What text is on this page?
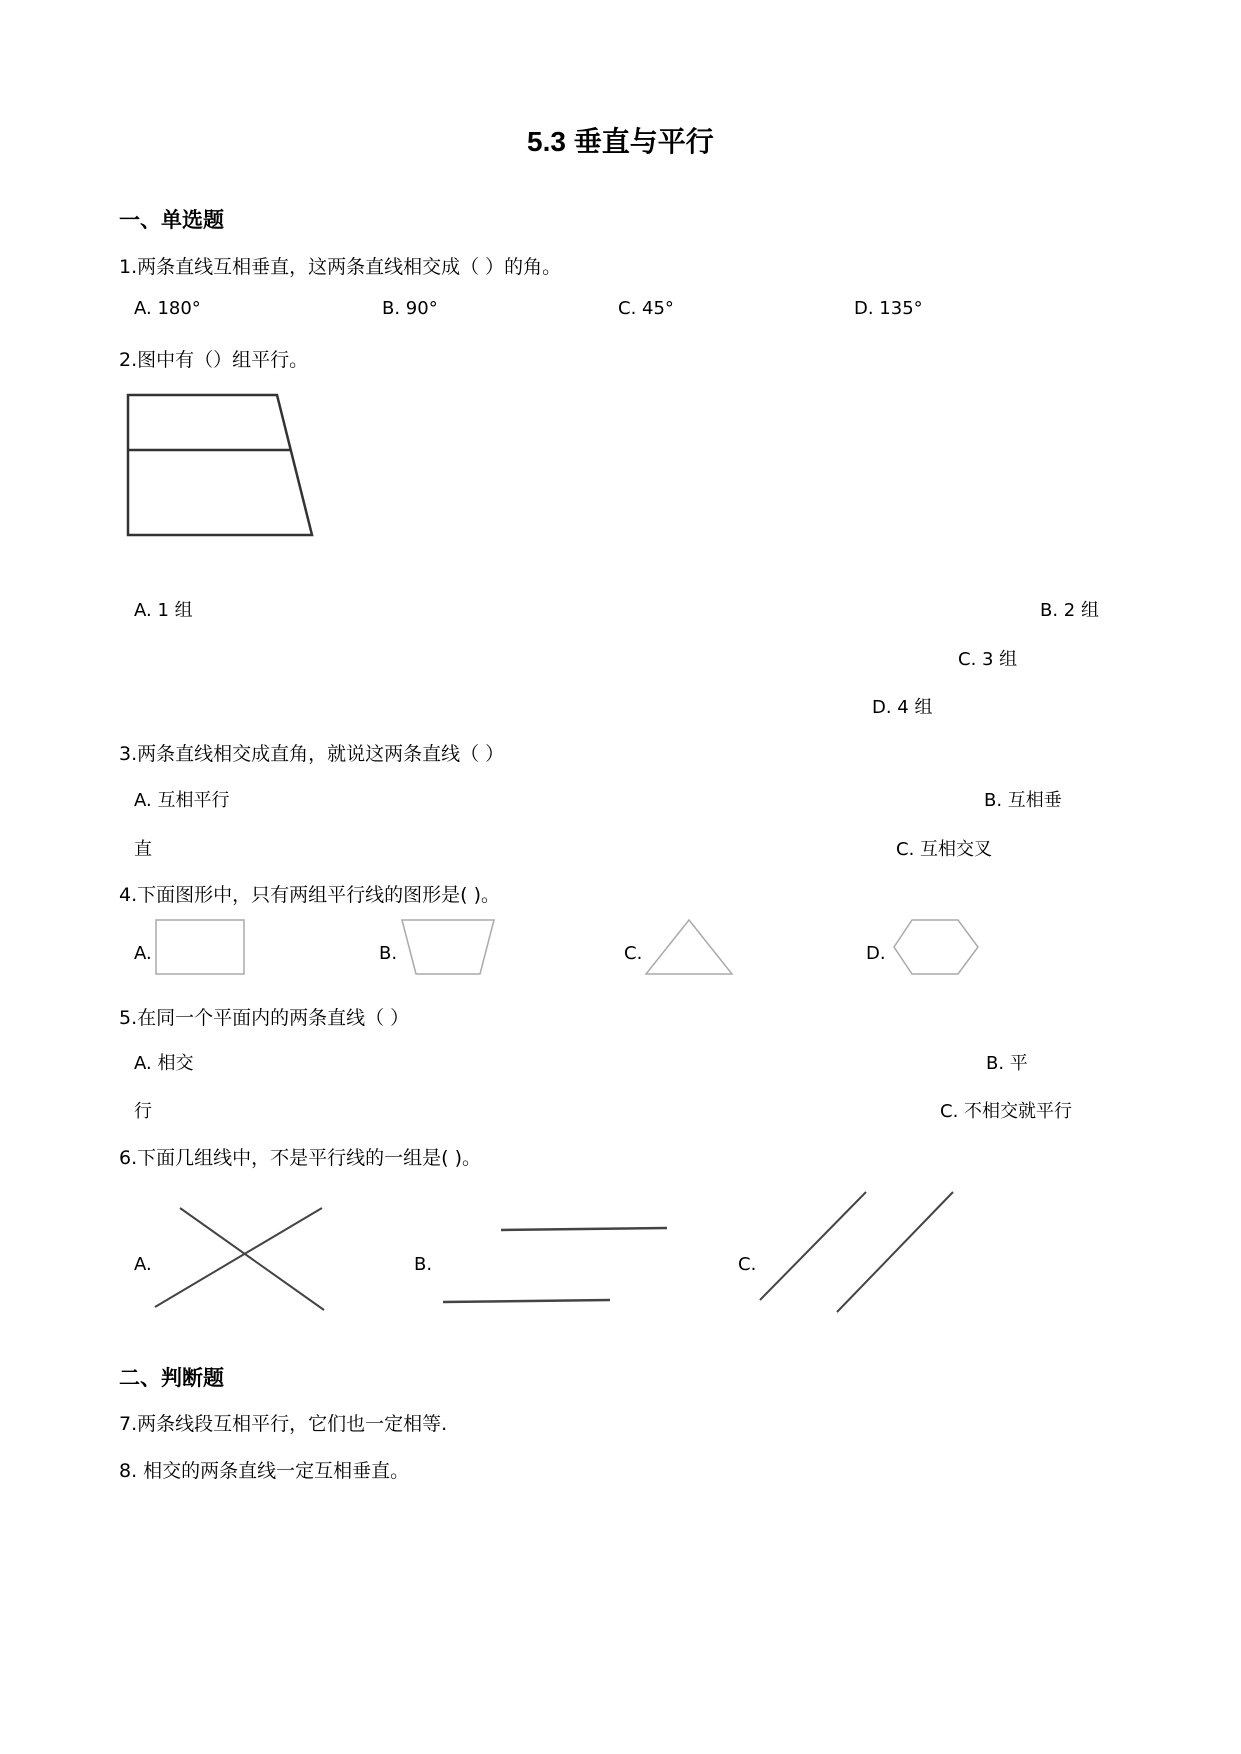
5.3 垂直与平行
一、单选题
1.两条直线互相垂直，这两条直线相交成（ ）的角。
A. 180°	B. 90°	C. 45°	D. 135°
2.图中有（）组平行。
A. 1 组	B. 2 组
C. 3 组
D. 4 组
3.两条直线相交成直角，就说这两条直线（ ）
A. 互相平行	B. 互相垂
直	C. 互相交叉
4.下面图形中，只有两组平行线的图形是( )。
A.	B.	C.	D.
5.在同一个平面内的两条直线（ ）
A. 相交	B. 平
行	C. 不相交就平行
6.下面几组线中，不是平行线的一组是( )。
A.	B.	C.
二、判断题
7.两条线段互相平行，它们也一定相等.
8. 相交的两条直线一定互相垂直。
